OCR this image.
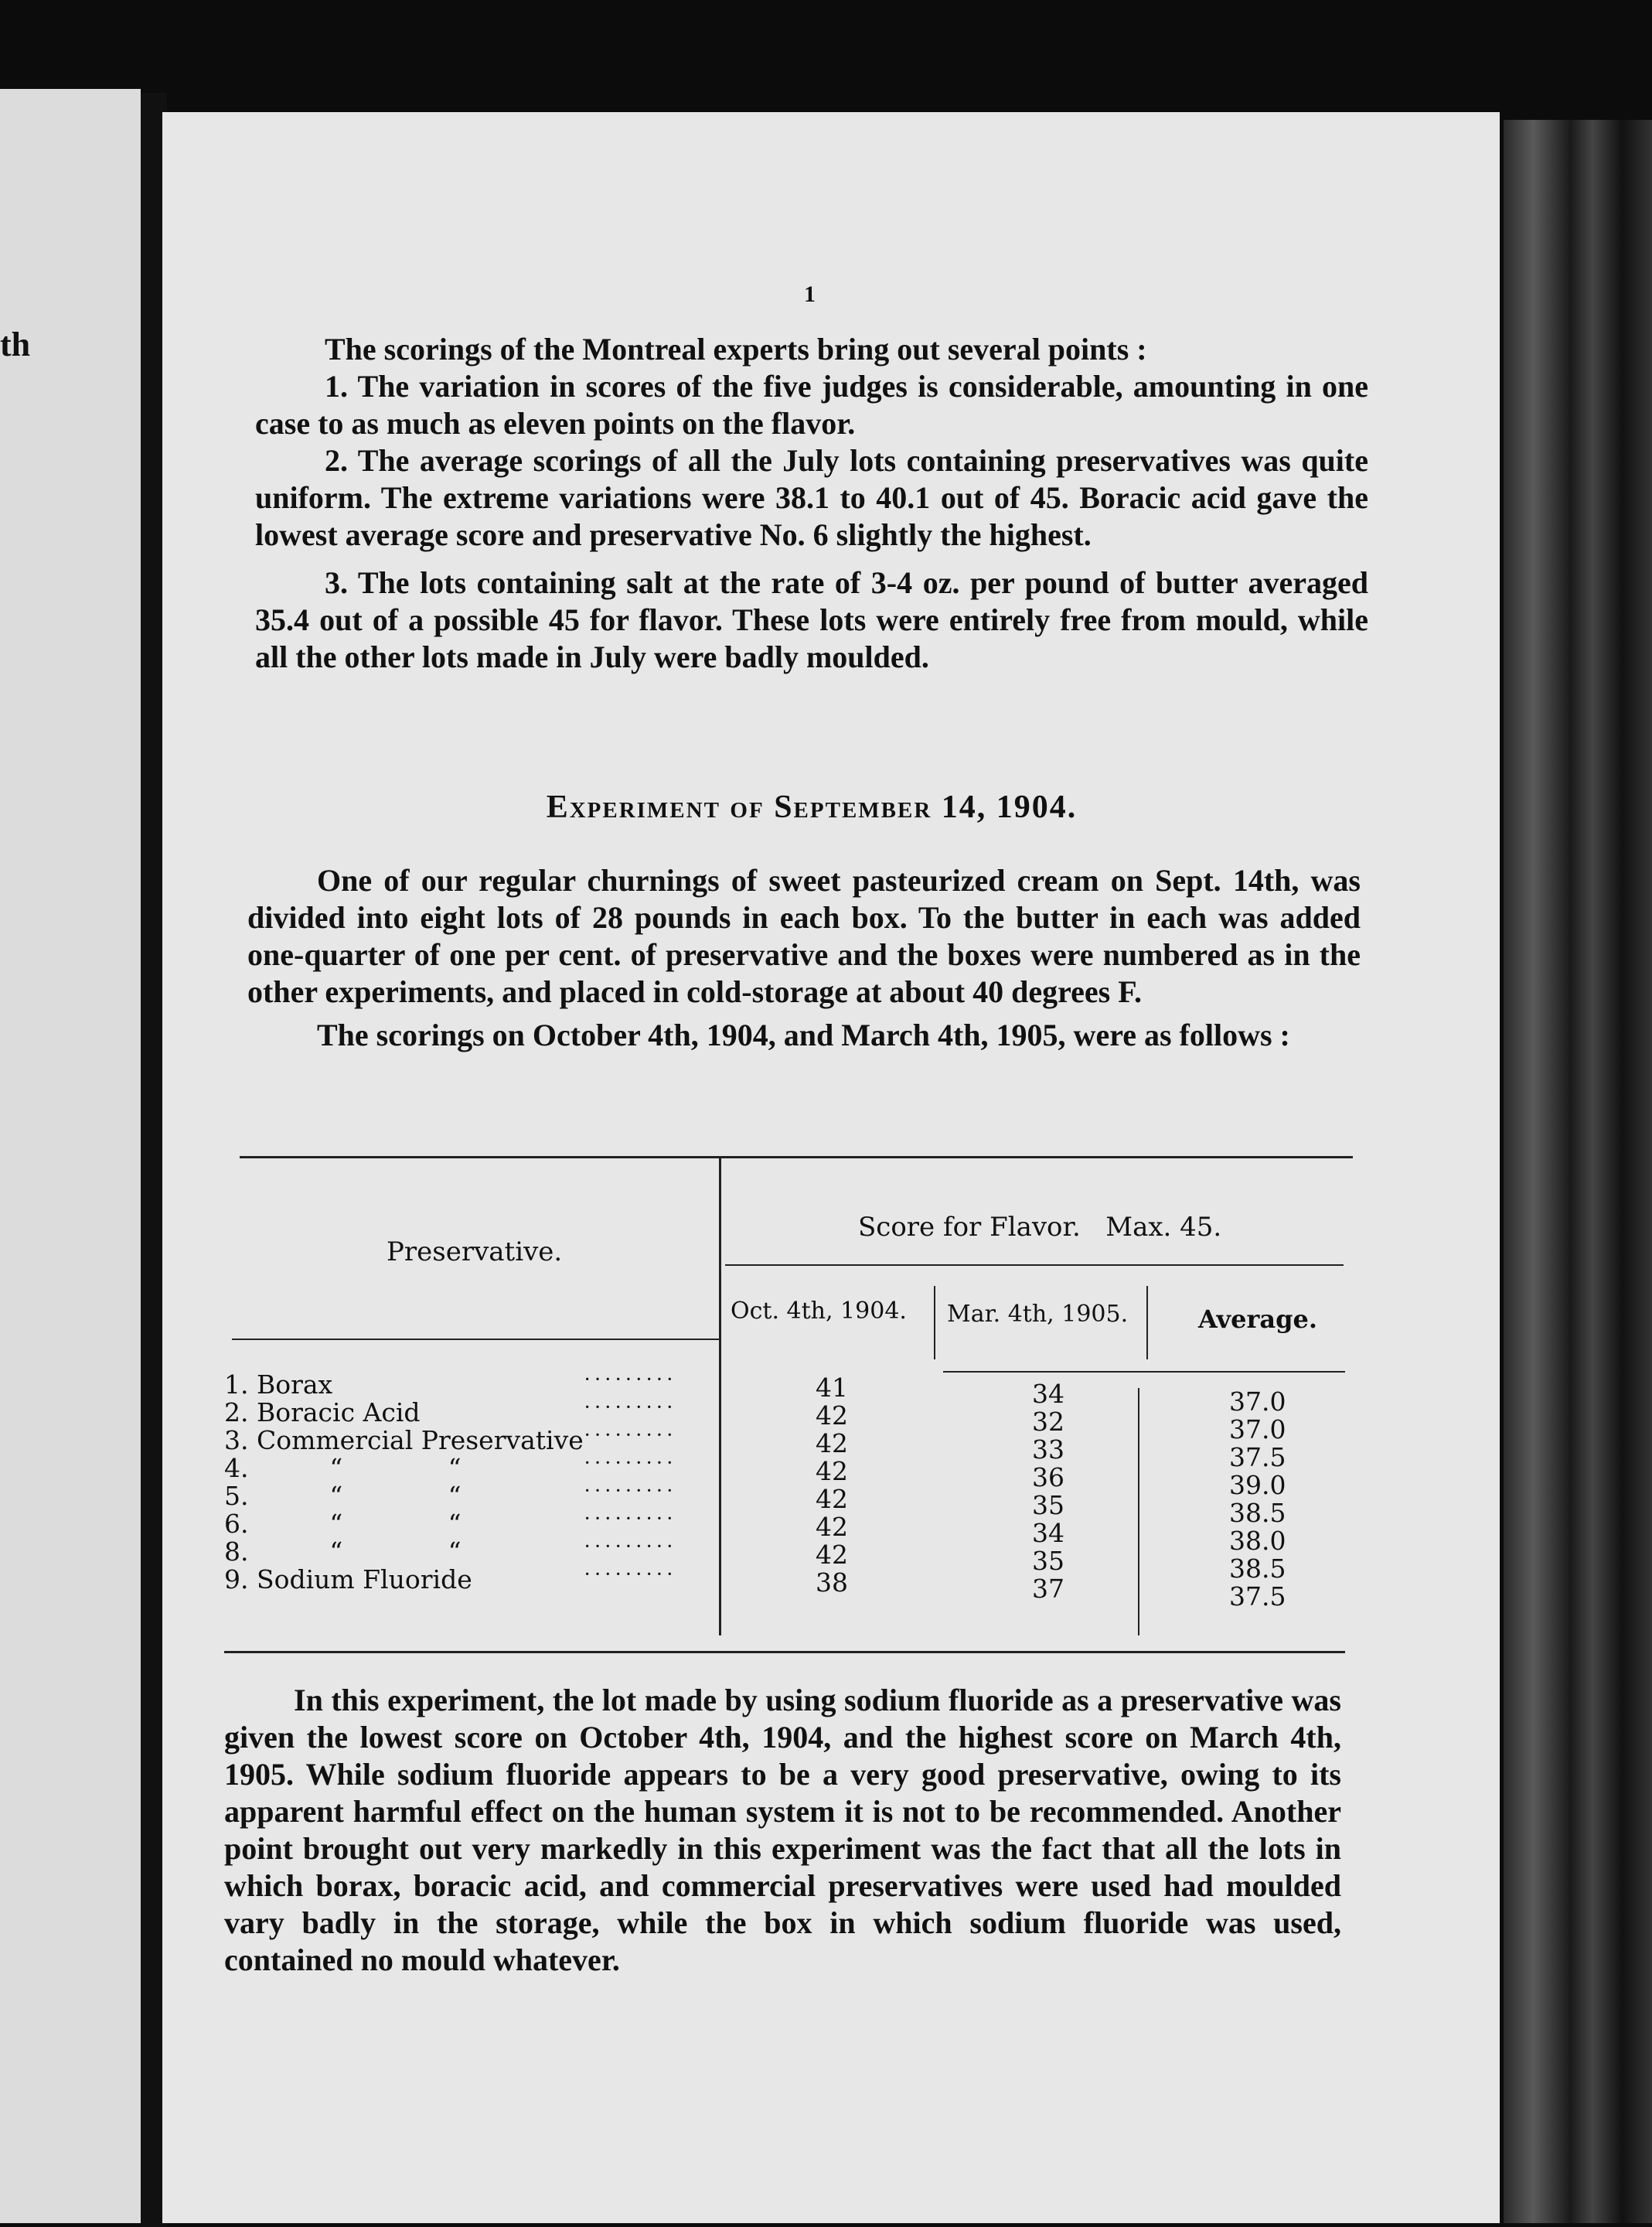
th
1

The scorings of the Montreal experts bring out several points :

1. The variation in scores of the five judges is considerable, amounting in one case to as much as eleven points on the flavor.

2. The average scorings of all the July lots containing preservatives was quite uniform. The extreme variations were 38.1 to 40.1 out of 45. Boracic acid gave the lowest average score and preservative No. 6 slightly the highest.

3. The lots containing salt at the rate of 3-4 oz. per pound of butter averaged 35.4 out of a possible 45 for flavor. These lots were entirely free from mould, while all the other lots made in July were badly moulded.

Experiment of September 14, 1904.

One of our regular churnings of sweet pasteurized cream on Sept. 14th, was divided into eight lots of 28 pounds in each box. To the butter in each was added one-quarter of one per cent. of preservative and the boxes were numbered as in the other experiments, and placed in cold-storage at about 40 degrees F.

The scorings on October 4th, 1904, and March 4th, 1905, were as follows :

Preservative.
Score for Flavor.   Max. 45.
Oct. 4th, 1904. Mar. 4th, 1905.	Average.
1. Borax	·········	41	34	37.0
2. Boracic Acid	·········	42	32	37.0
3. Commercial Preservative ·········	42	33	37.5
4.          “             “	·········	42	36	39.0
5.          “             “	·········	42	35	38.5
6.          “             “	·········	42	34	38.0
8.          “             “	·········	42	35	38.5
9. Sodium Fluoride	·········	38	37	37.5

In this experiment, the lot made by using sodium fluoride as a preservative was given the lowest score on October 4th, 1904, and the highest score on March 4th, 1905. While sodium fluoride appears to be a very good preservative, owing to its apparent harmful effect on the human system it is not to be recommended. Another point brought out very markedly in this experiment was the fact that all the lots in which borax, boracic acid, and commercial preservatives were used had moulded vary badly in the storage, while the box in which sodium fluoride was used, contained no mould whatever.
